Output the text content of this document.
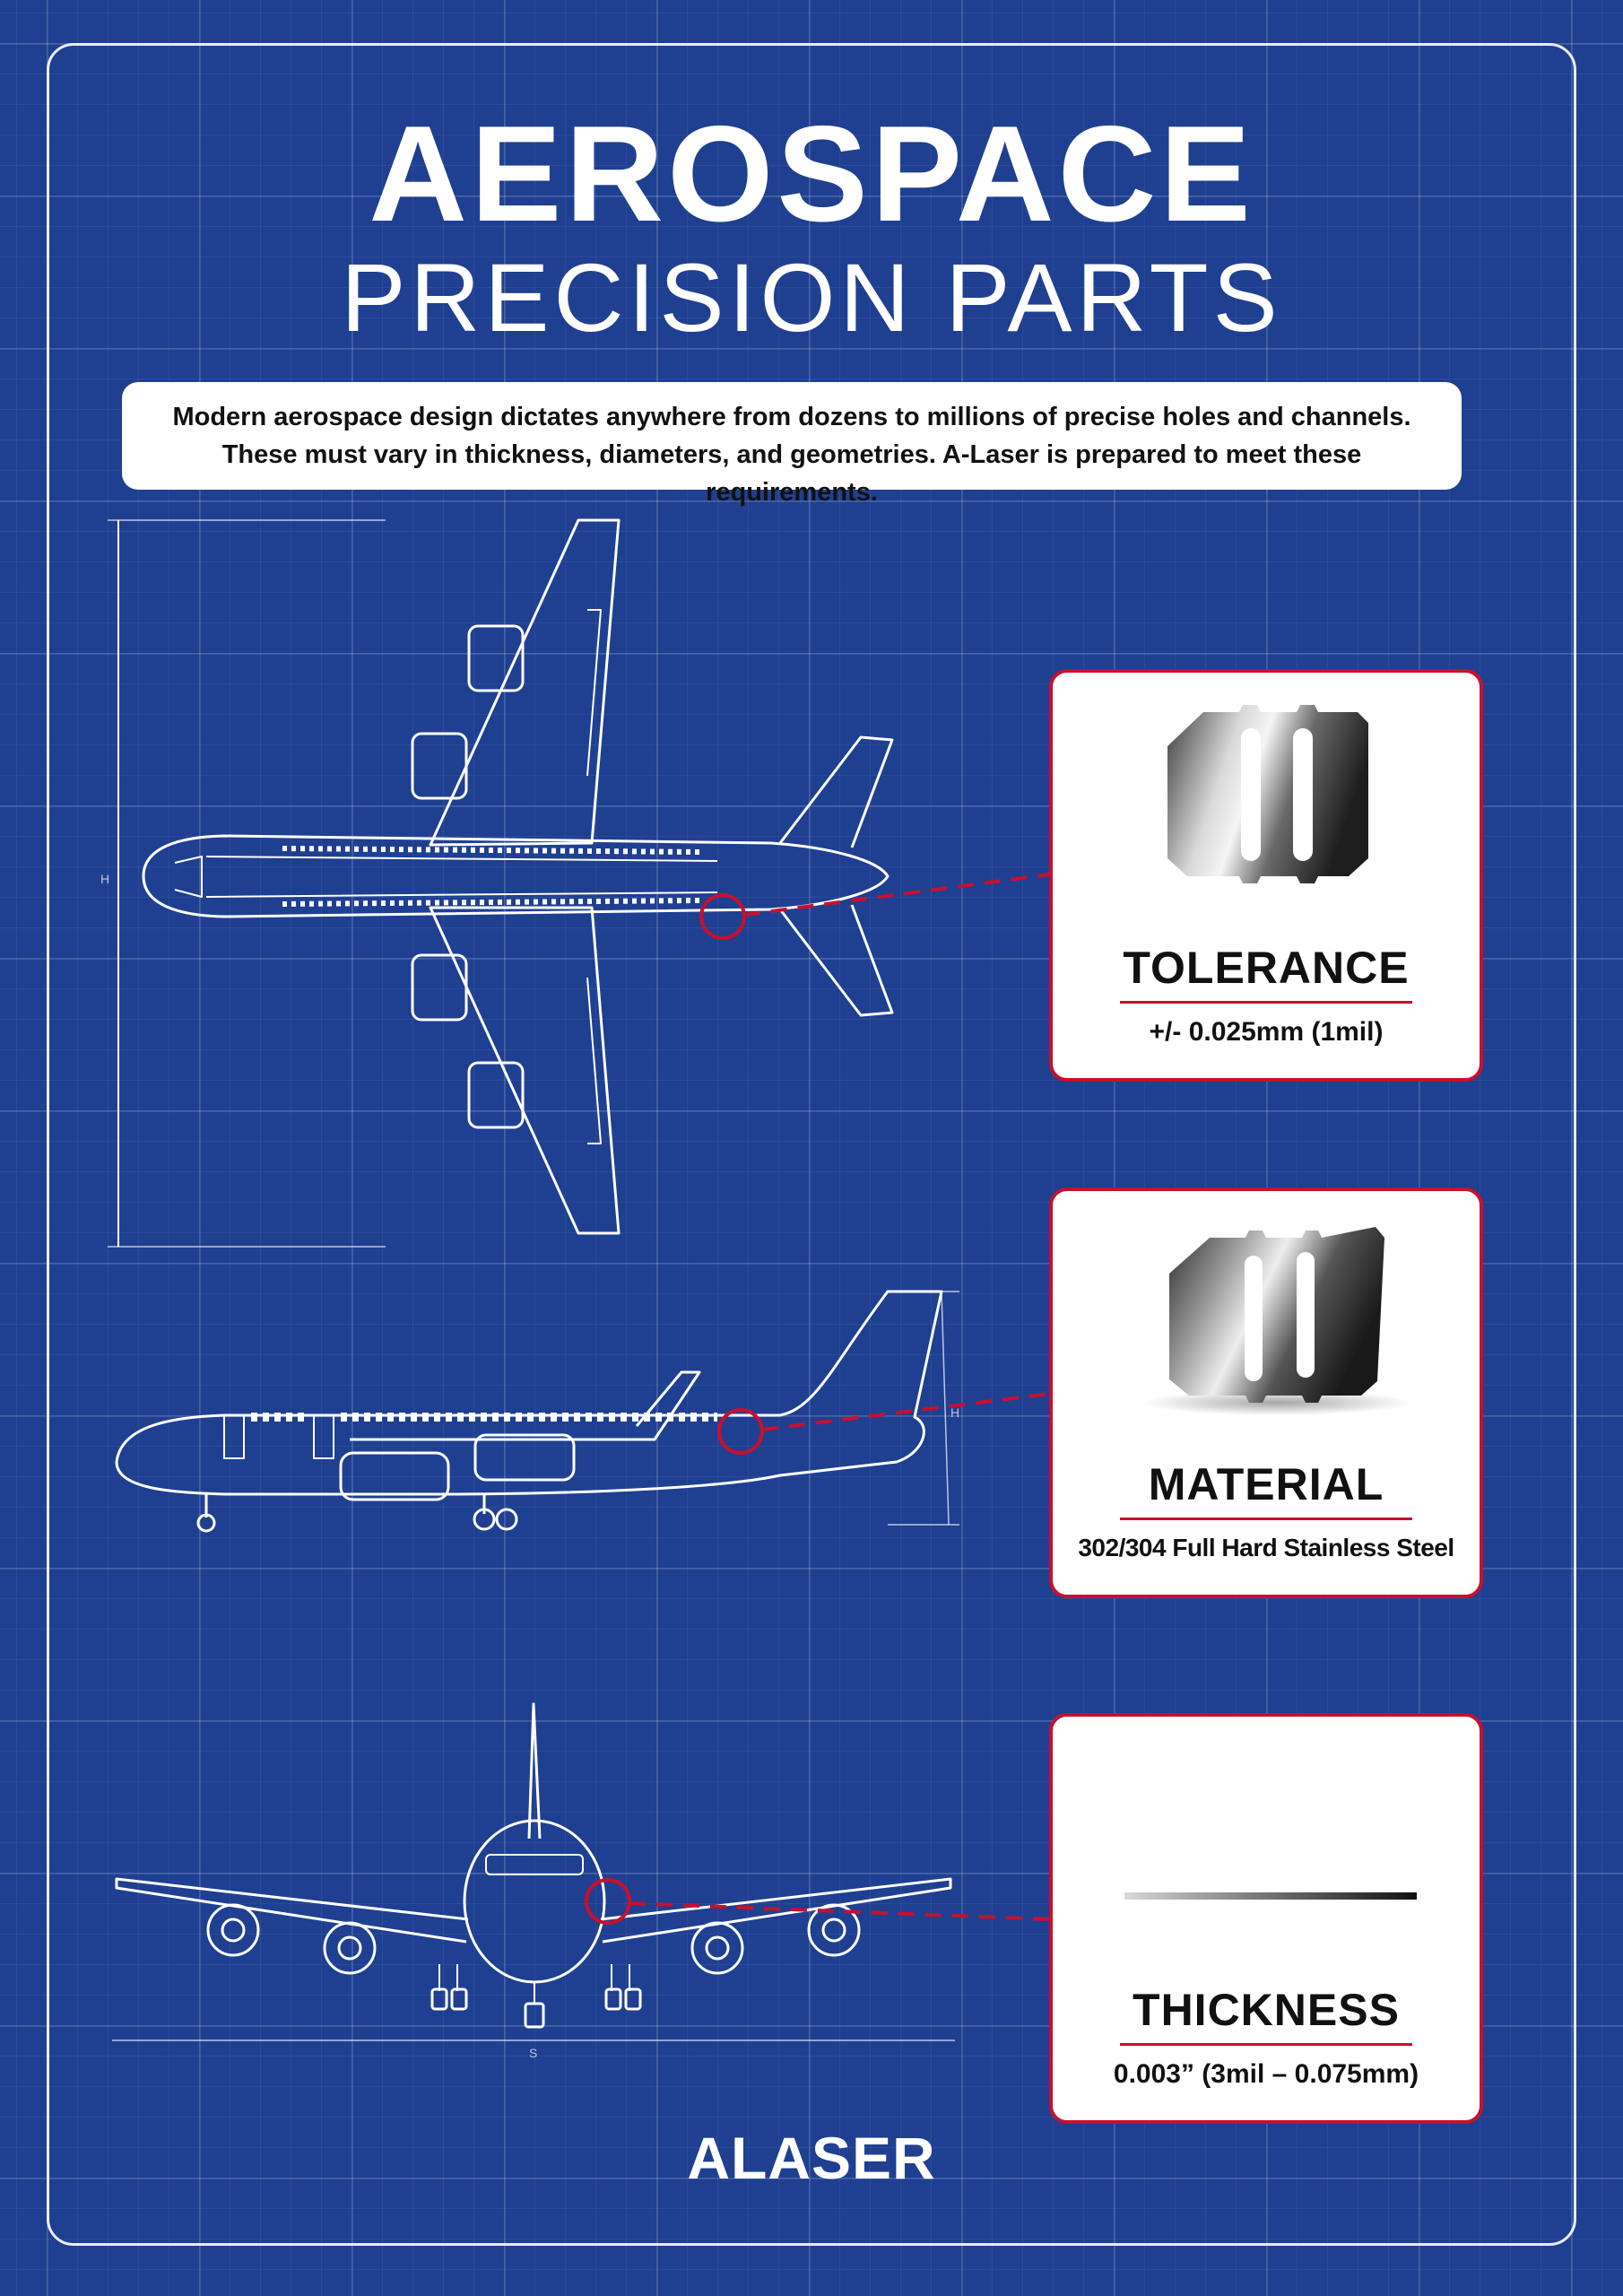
AEROSPACE
PRECISION PARTS
Modern aerospace design dictates anywhere from dozens to millions of precise holes and channels.
These must vary in thickness, diameters, and geometries. A-Laser is prepared to meet these requirements.
H
H
S
TOLERANCE
+/- 0.025mm (1mil)
MATERIAL
302/304 Full Hard Stainless Steel
THICKNESS
0.003” (3mil – 0.075mm)
ALASER
